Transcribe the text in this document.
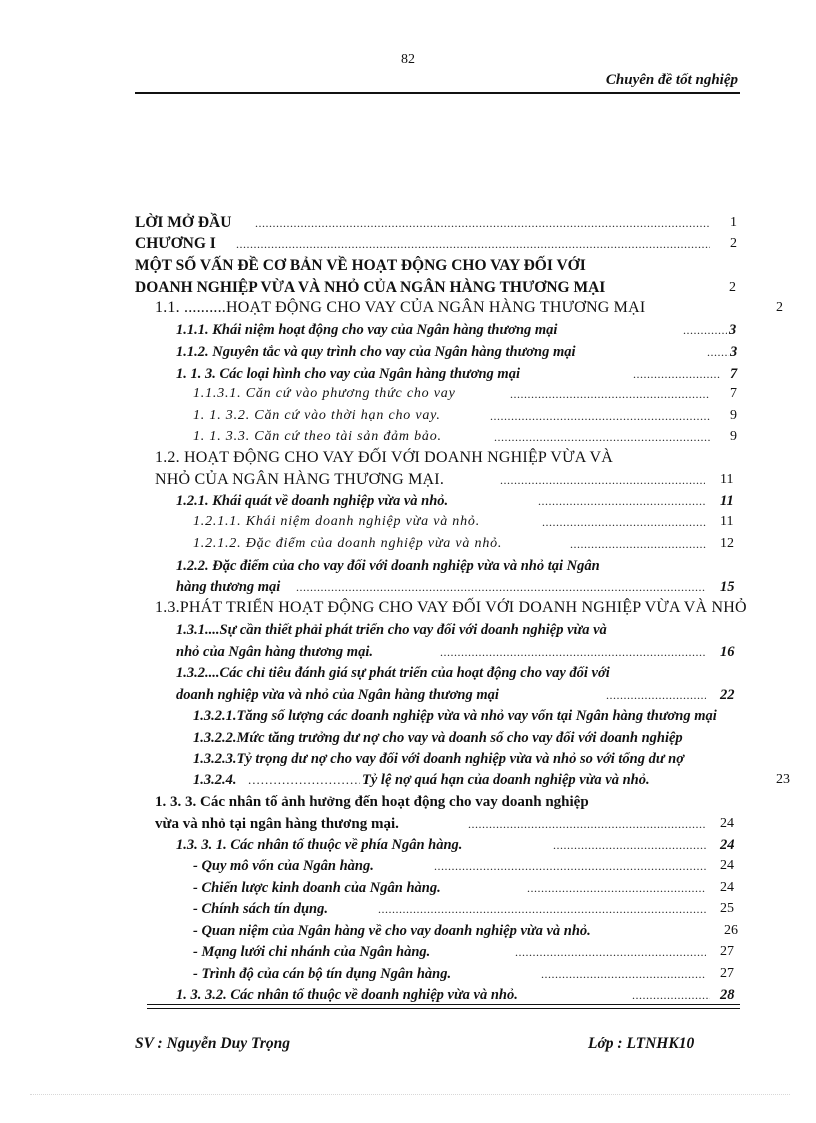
82
Chuyên đề tốt nghiệp
LỜI MỞ ĐẦU .....	1
CHƯƠNG I .....	2
MỘT SỐ VẤN ĐỀ CƠ BẢN VỀ HOẠT ĐỘNG CHO VAY ĐỐI VỚI
DOANH NGHIỆP VỪA VÀ NHỎ CỦA NGÂN HÀNG THƯƠNG MẠI	2
1.1. ..........HOẠT ĐỘNG CHO VAY CỦA NGÂN HÀNG THƯƠNG MẠI	2
1.1.1. Khái niệm hoạt động cho vay của Ngân hàng thương mại .....	3
1.1.2. Nguyên tắc và quy trình cho vay của Ngân hàng thương mại .....	3
1. 1. 3. Các loại hình cho vay của Ngân hàng thương mại .....	7
1.1.3.1. Căn cứ vào phương thức cho vay .....	7
1. 1. 3.2. Căn cứ vào thời hạn cho vay. .....	9
1. 1. 3.3. Căn cứ theo tài sản đảm bảo. .....	9
1.2. HOẠT ĐỘNG CHO VAY ĐỐI VỚI DOANH NGHIỆP VỪA VÀ
NHỎ CỦA NGÂN HÀNG THƯƠNG MẠI. .....	11
1.2.1. Khái quát về doanh nghiệp vừa và nhỏ. .....	11
1.2.1.1. Khái niệm doanh nghiệp vừa và nhỏ. .....	11
1.2.1.2. Đặc điểm của doanh nghiệp vừa và nhỏ. .....	12
1.2.2. Đặc điểm của cho vay đối với doanh nghiệp vừa và nhỏ tại Ngân
hàng thương mại .....	15
1.3.PHÁT TRIỂN HOẠT ĐỘNG CHO VAY ĐỐI VỚI DOANH NGHIỆP VỪA VÀ NHỎ
1.3.1....Sự cần thiết phải phát triển cho vay đối với doanh nghiệp vừa và
nhỏ của Ngân hàng thương mại. .....	16
1.3.2....Các chỉ tiêu đánh giá sự phát triển của hoạt động cho vay đối với
doanh nghiệp vừa và nhỏ của Ngân hàng thương mại .....	22
1.3.2.1.Tăng số lượng các doanh nghiệp vừa và nhỏ vay vốn tại Ngân hàng thương mại
1.3.2.2.Mức tăng trưởng dư nợ cho vay và doanh số cho vay đối với doanh nghiệp
1.3.2.3.Tỷ trọng dư nợ cho vay đối với doanh nghiệp vừa và nhỏ so với tổng dư nợ
1.3.2.4. .....	Tỷ lệ nợ quá hạn của doanh nghiệp vừa và nhỏ.	23
1. 3. 3. Các nhân tố ảnh hưởng đến hoạt động cho vay doanh nghiệp
vừa và nhỏ tại ngân hàng thương mại. .....	24
1.3. 3. 1. Các nhân tố thuộc về phía Ngân hàng. .....	24
- Quy mô vốn của Ngân hàng. .....	24
- Chiến lược kinh doanh của Ngân hàng. .....	24
- Chính sách tín dụng. .....	25
- Quan niệm của Ngân hàng về cho vay doanh nghiệp vừa và nhỏ.	26
- Mạng lưới chi nhánh của Ngân hàng. .....	27
- Trình độ của cán bộ tín dụng Ngân hàng. .....	27
1. 3. 3.2. Các nhân tố thuộc về doanh nghiệp vừa và nhỏ. .....	28
SV : Nguyễn Duy Trọng	Lớp : LTNHK10
